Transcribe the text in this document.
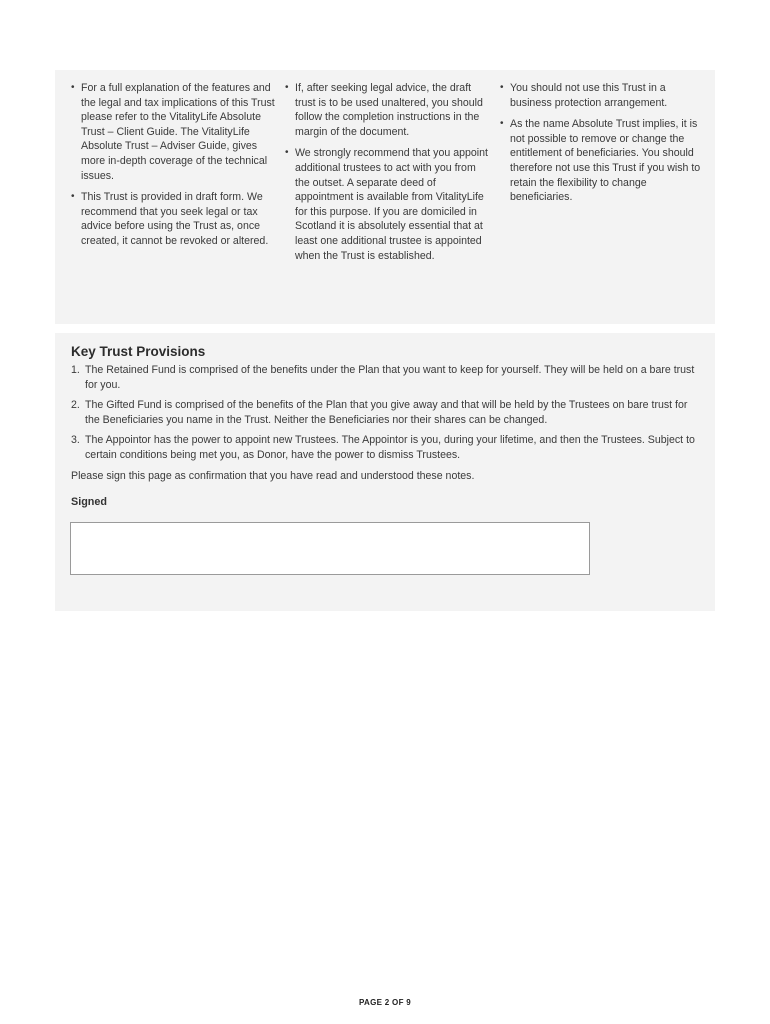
• For a full explanation of the features and the legal and tax implications of this Trust please refer to the VitalityLife Absolute Trust – Client Guide. The VitalityLife Absolute Trust – Adviser Guide, gives more in-depth coverage of the technical issues.
• This Trust is provided in draft form. We recommend that you seek legal or tax advice before using the Trust as, once created, it cannot be revoked or altered.
• If, after seeking legal advice, the draft trust is to be used unaltered, you should follow the completion instructions in the margin of the document.
• We strongly recommend that you appoint additional trustees to act with you from the outset. A separate deed of appointment is available from VitalityLife for this purpose. If you are domiciled in Scotland it is absolutely essential that at least one additional trustee is appointed when the Trust is established.
• You should not use this Trust in a business protection arrangement.
• As the name Absolute Trust implies, it is not possible to remove or change the entitlement of beneficiaries. You should therefore not use this Trust if you wish to retain the flexibility to change beneficiaries.
Key Trust Provisions
1. The Retained Fund is comprised of the benefits under the Plan that you want to keep for yourself. They will be held on a bare trust for you.
2. The Gifted Fund is comprised of the benefits of the Plan that you give away and that will be held by the Trustees on bare trust for the Beneficiaries you name in the Trust. Neither the Beneficiaries nor their shares can be changed.
3. The Appointor has the power to appoint new Trustees. The Appointor is you, during your lifetime, and then the Trustees. Subject to certain conditions being met you, as Donor, have the power to dismiss Trustees.
Please sign this page as confirmation that you have read and understood these notes.
Signed
PAGE 2 OF 9
